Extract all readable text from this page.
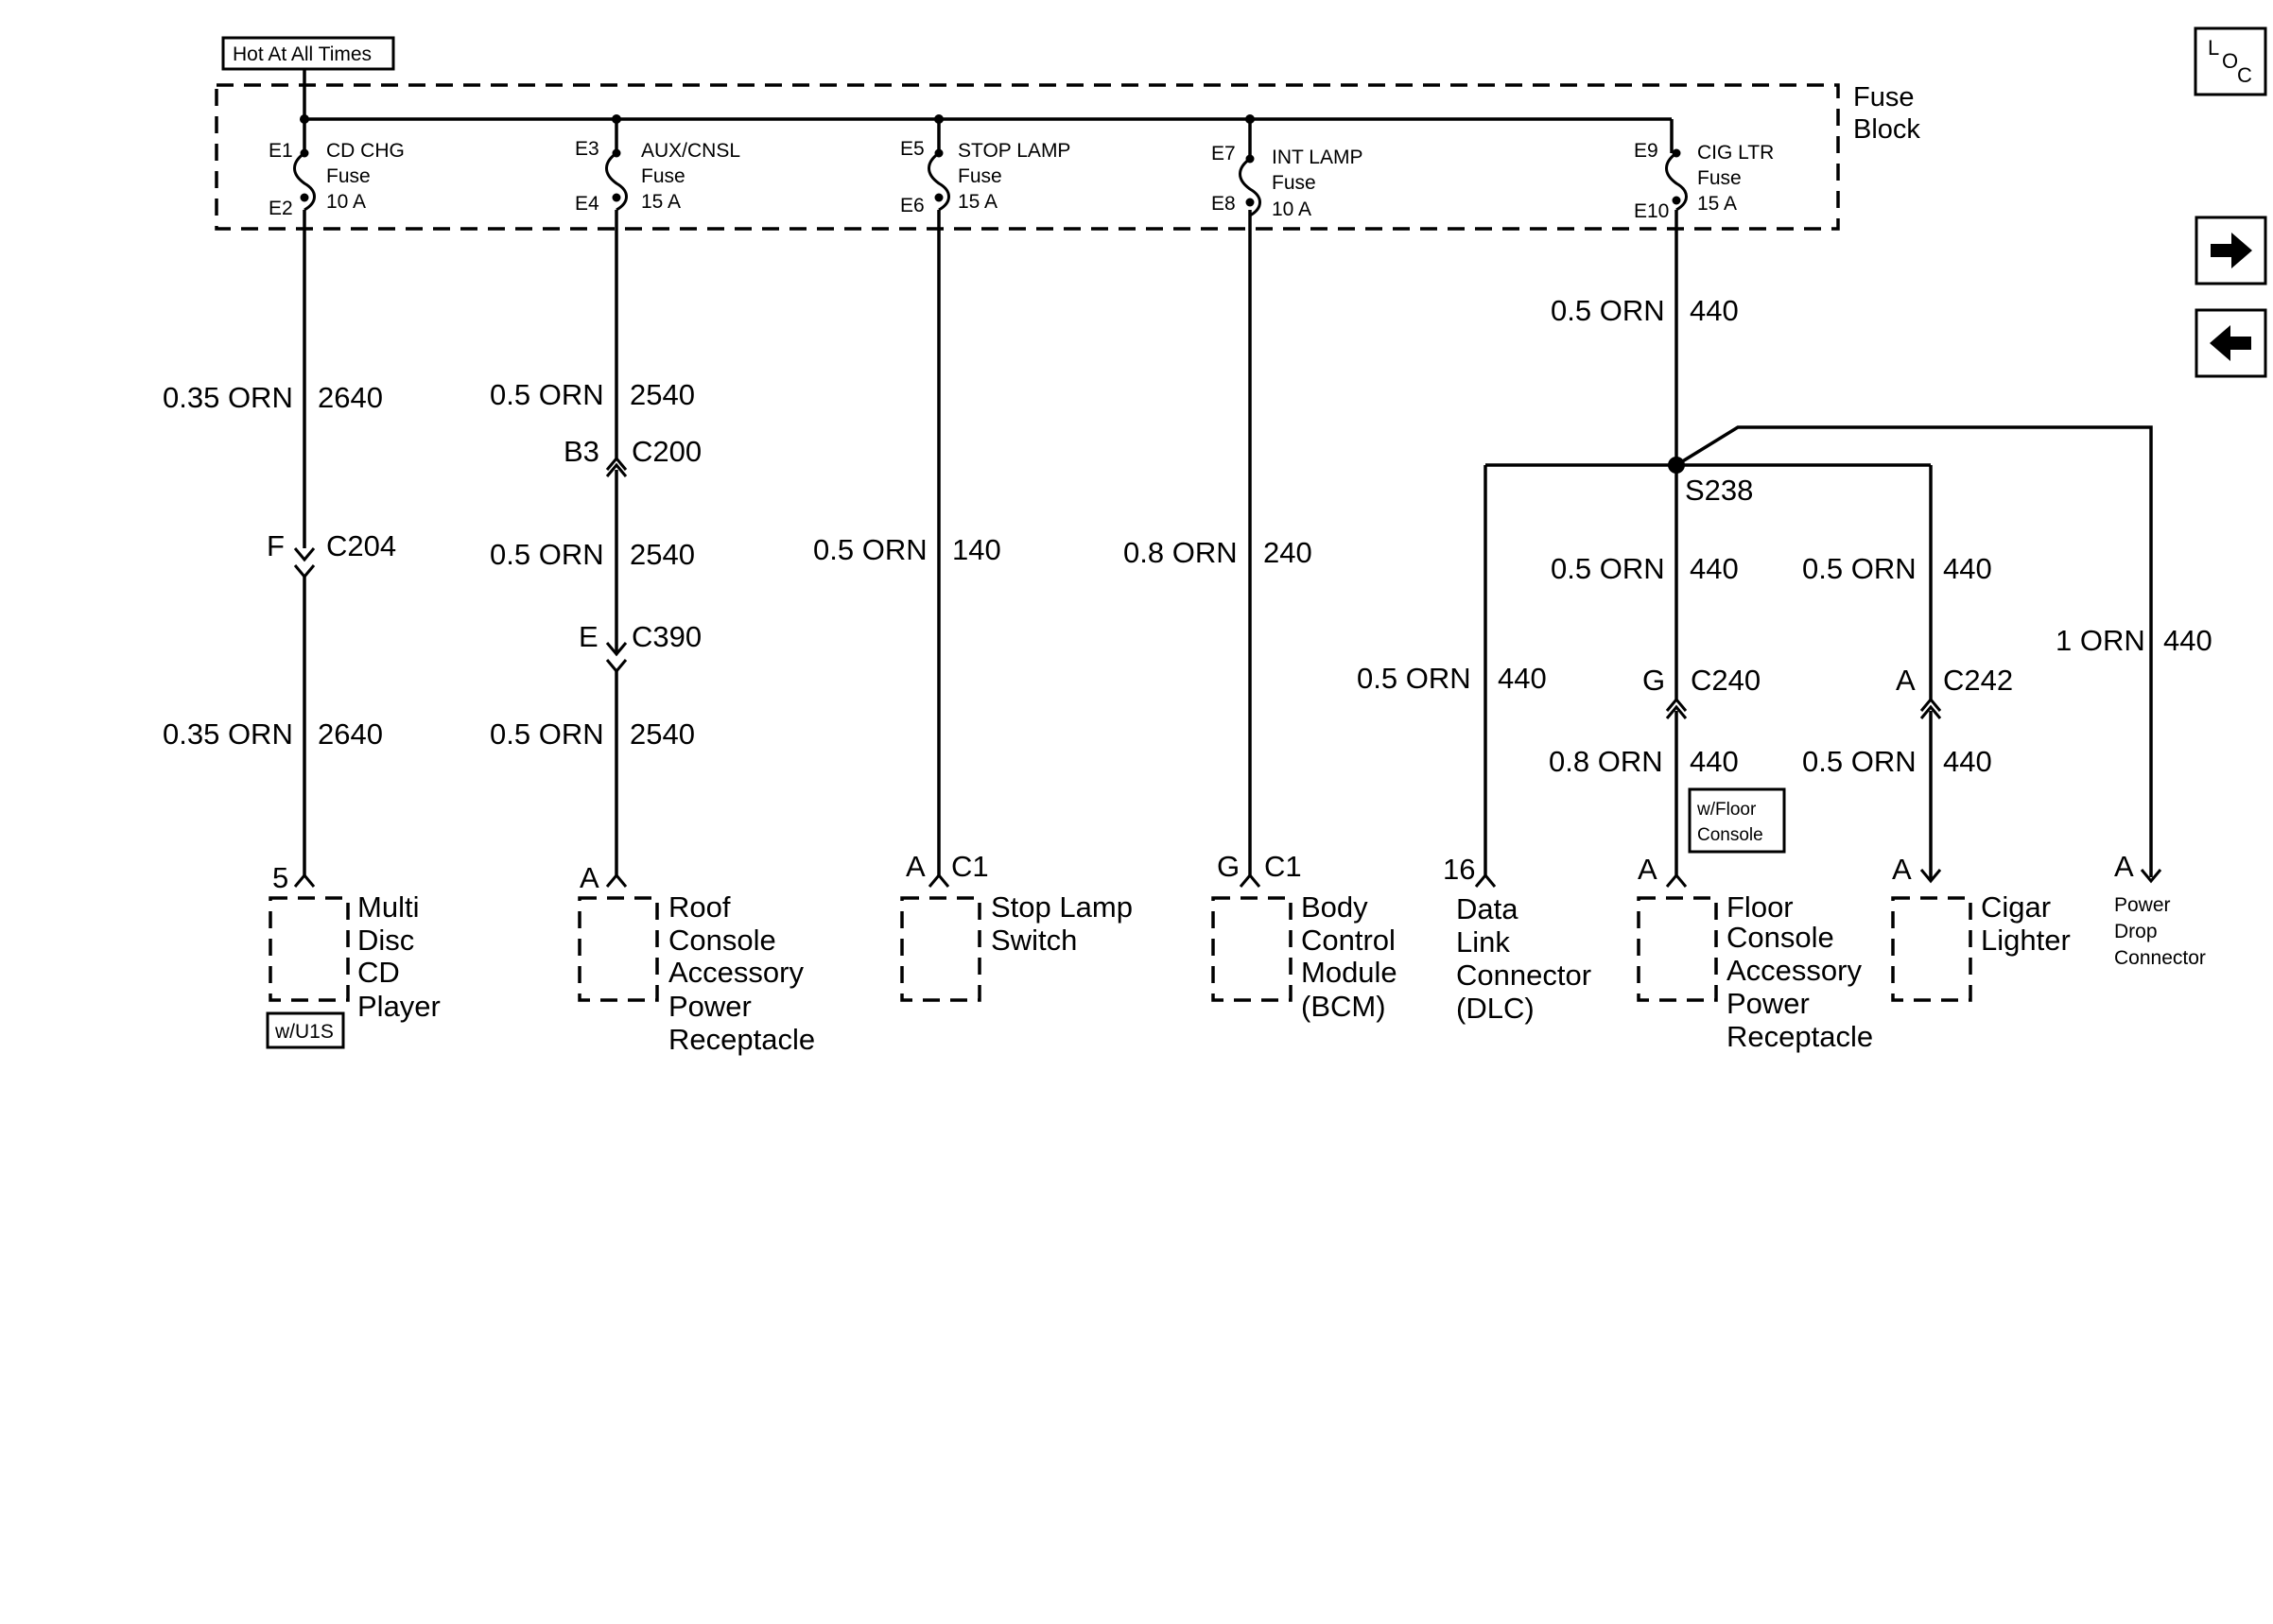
Hot At All Times
Fuse
Block
E1
E2
CD CHG
Fuse
10 A
E3
E4
AUX/CNSL
Fuse
15 A
E5
E6
STOP LAMP
Fuse
15 A
E7
E8
INT LAMP
Fuse
10 A
E9
E10
CIG LTR
Fuse
15 A
0.35 ORN 2640
F C204
0.35 ORN 2640
0.5 ORN 2540
B3 C200
0.5 ORN 2540
E C390
0.5 ORN 2540
0.5 ORN 140	0.8 ORN 240
0.5 ORN 440
S238
0.5 ORN 440
0.5 ORN 440
G C240
0.8 ORN 440
w/Floor
Console
0.5 ORN 440
A C242
0.5 ORN 440
1 ORN 440
5
Multi
Disc
CD
Player
w/U1S
A
Roof
Console
Accessory
Power
Receptacle
A C1
Stop Lamp
Switch
G C1
Body
Control
Module
(BCM)
16
Data
Link
Connector
(DLC)
A
Floor
Console
Accessory
Power
Receptacle
A
Cigar
Lighter
A
Power
Drop
Connector
L
O
C
